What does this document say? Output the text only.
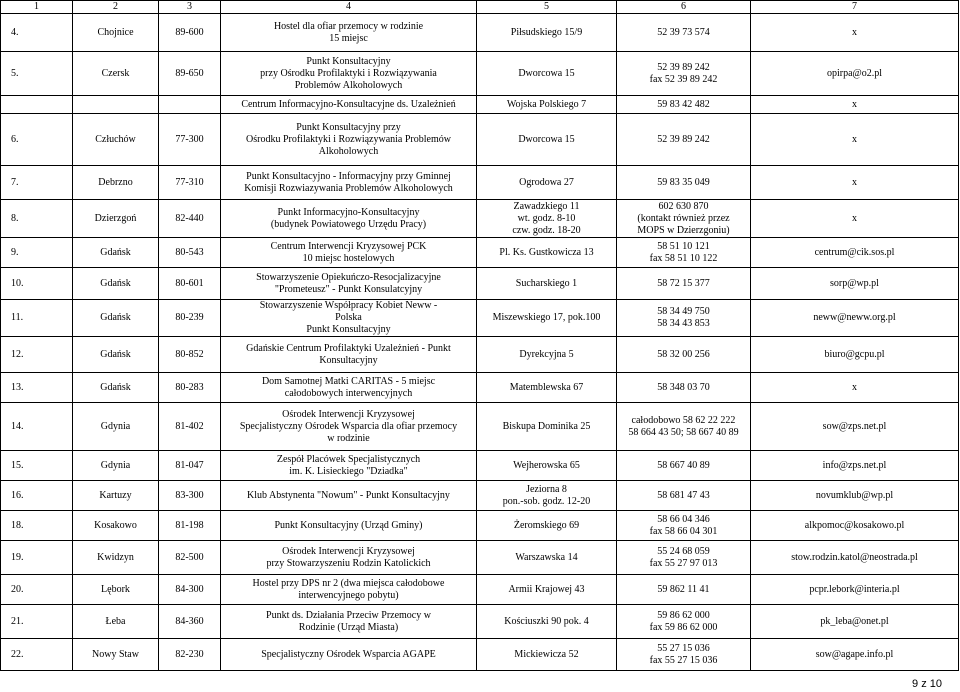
1	2	3	4	5	6	7
4.	Chojnice	89-600	Hostel dla ofiar przemocy w rodzinie
15 miejsc	Piłsudskiego 15/9	52 39 73 574	x

5.	Czersk	89-650	Punkt Konsultacyjny
przy Ośrodku Profilaktyki i Rozwiązywania
Problemów Alkoholowych	Dworcowa 15	52 39 89 242
fax 52 39 89 242	opirpa@o2.pl

			Centrum Informacyjno-Konsultacyjne ds. Uzależnień	Wojska Polskiego 7	59 83 42 482	x

6.	Człuchów	77-300	Punkt Konsultacyjny przy
Ośrodku Profilaktyki i Rozwiązywania Problemów
Alkoholowych	Dworcowa 15	52 39 89 242	x

7.	Debrzno	77-310	Punkt Konsultacyjno - Informacyjny przy Gminnej
Komisji Rozwiazywania Problemów Alkoholowych	Ogrodowa 27	59 83 35 049	x

8.	Dzierzgoń	82-440	Punkt Informacyjno-Konsultacyjny
(budynek Powiatowego Urzędu Pracy)	Zawadzkiego 11
wt. godz. 8-10
czw. godz. 18-20	602 630 870
(kontakt również przez
MOPS w Dzierzgoniu)	x

9.	Gdańsk	80-543	Centrum Interwencji Kryzysowej PCK
10 miejsc hostelowych	Pl. Ks. Gustkowicza 13	58 51 10 121
fax 58 51 10 122	centrum@cik.sos.pl

10.	Gdańsk	80-601	Stowarzyszenie Opiekuńczo-Resocjalizacyjne
"Prometeusz" - Punkt Konsulatcyjny	Sucharskiego 1	58 72 15 377	sorp@wp.pl

11.	Gdańsk	80-239	Stowarzyszenie Współpracy Kobiet Neww -
Polska
Punkt Konsultacyjny	Miszewskiego 17, pok.100	58 34 49 750
58 34 43 853	neww@neww.org.pl

12.	Gdańsk	80-852	Gdańskie Centrum Profilaktyki Uzależnień - Punkt
Konsultacyjny	Dyrekcyjna 5	58 32 00 256	biuro@gcpu.pl

13.	Gdańsk	80-283	Dom Samotnej Matki CARITAS - 5 miejsc
całodobowych interwencyjnych	Matemblewska 67	58 348 03 70	x

14.	Gdynia	81-402	Ośrodek Interwencji Kryzysowej
Specjalistyczny Ośrodek Wsparcia dla ofiar przemocy
w rodzinie	Biskupa Dominika 25	całodobowo 58 62 22 222
58 664 43 50; 58 667 40 89	sow@zps.net.pl

15.	Gdynia	81-047	Zespół Placówek Specjalistycznych
im. K. Lisieckiego "Dziadka"	Wejherowska 65	58 667 40 89	info@zps.net.pl

16.	Kartuzy	83-300	Klub Abstynenta "Nowum" - Punkt Konsultacyjny	Jeziorna 8
pon.-sob. godz. 12-20	58 681 47 43	novumklub@wp.pl

18.	Kosakowo	81-198	Punkt Konsultacyjny (Urząd Gminy)	Żeromskiego 69	58 66 04 346
fax 58 66 04 301	alkpomoc@kosakowo.pl

19.	Kwidzyn	82-500	Ośrodek Interwencji Kryzysowej
przy Stowarzyszeniu Rodzin Katolickich	Warszawska 14	55 24 68 059
fax 55 27 97 013	stow.rodzin.katol@neostrada.pl

20.	Lębork	84-300	Hostel przy DPS nr 2 (dwa miejsca całodobowe
interwencyjnego pobytu)	Armii Krajowej 43	59 862 11 41	pcpr.lebork@interia.pl

21.	Łeba	84-360	Punkt ds. Działania Przeciw Przemocy w
Rodzinie (Urząd Miasta)	Kościuszki 90 pok. 4	59 86 62 000
fax 59 86 62 000	pk_leba@onet.pl

22.	Nowy Staw	82-230	Specjalistyczny Ośrodek Wsparcia AGAPE	Mickiewicza 52	55 27 15 036
fax 55 27 15 036	sow@agape.info.pl
9 z 10
